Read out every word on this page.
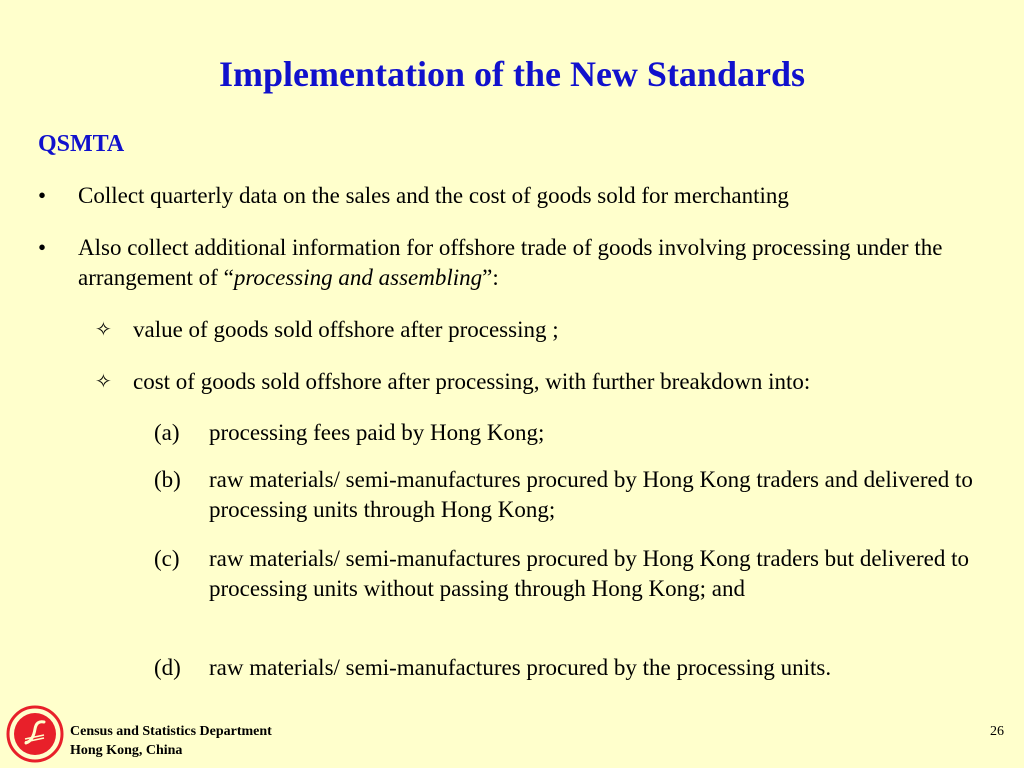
Implementation of the New Standards
QSMTA
•	Collect quarterly data on the sales and the cost of goods sold for merchanting
•	Also collect additional information for offshore trade of goods involving processing under the arrangement of “processing and assembling”:
✧ value of goods sold offshore after processing ;
✧ cost of goods sold offshore after processing, with further breakdown into:
(a)	processing fees paid by Hong Kong;
(b)	raw materials/ semi-manufactures procured by Hong Kong traders and delivered to processing units through Hong Kong;
(c)	raw materials/ semi-manufactures procured by Hong Kong traders but delivered to processing units without passing through Hong Kong; and
(d)	raw materials/ semi-manufactures procured by the processing units.
Census and Statistics Department
Hong Kong, China
26
